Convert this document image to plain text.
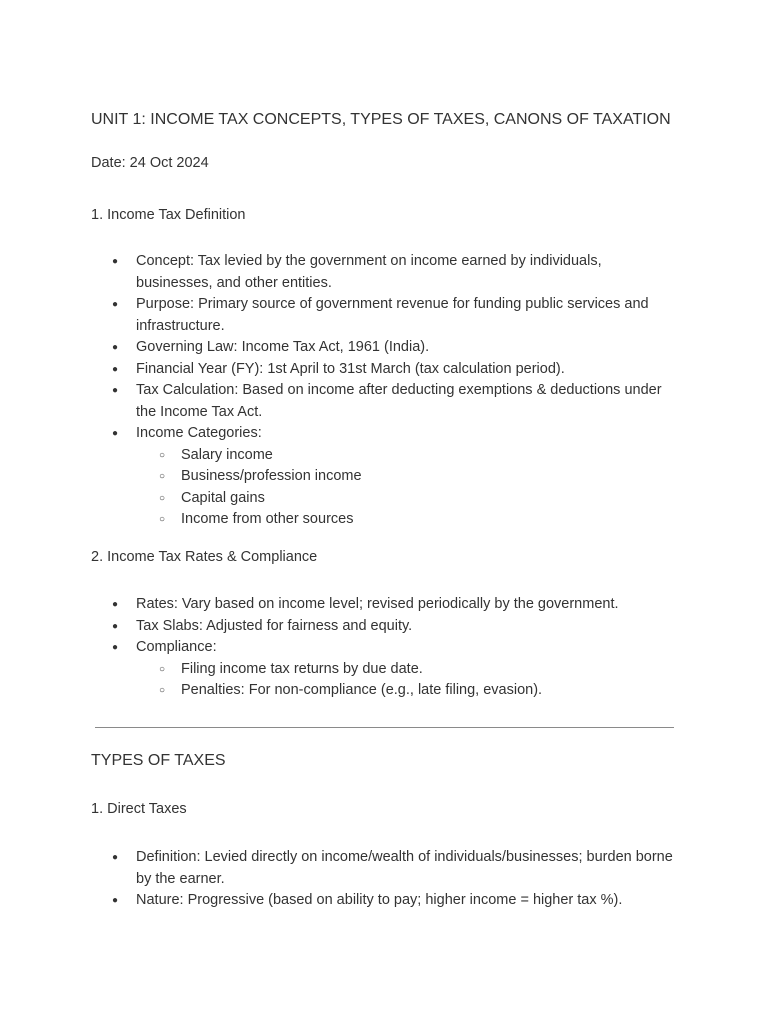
UNIT 1: INCOME TAX CONCEPTS, TYPES OF TAXES, CANONS OF TAXATION

Date: 24 Oct 2024

1. Income Tax Definition
● Concept: Tax levied by the government on income earned by individuals, businesses, and other entities.
● Purpose: Primary source of government revenue for funding public services and infrastructure.
● Governing Law: Income Tax Act, 1961 (India).
● Financial Year (FY): 1st April to 31st March (tax calculation period).
● Tax Calculation: Based on income after deducting exemptions & deductions under the Income Tax Act.
● Income Categories:
○ Salary income
○ Business/profession income
○ Capital gains
○ Income from other sources
2. Income Tax Rates & Compliance
● Rates: Vary based on income level; revised periodically by the government.
● Tax Slabs: Adjusted for fairness and equity.
● Compliance:
○ Filing income tax returns by due date.
○ Penalties: For non-compliance (e.g., late filing, evasion).
TYPES OF TAXES
1. Direct Taxes
● Definition: Levied directly on income/wealth of individuals/businesses; burden borne by the earner.
● Nature: Progressive (based on ability to pay; higher income = higher tax %).
